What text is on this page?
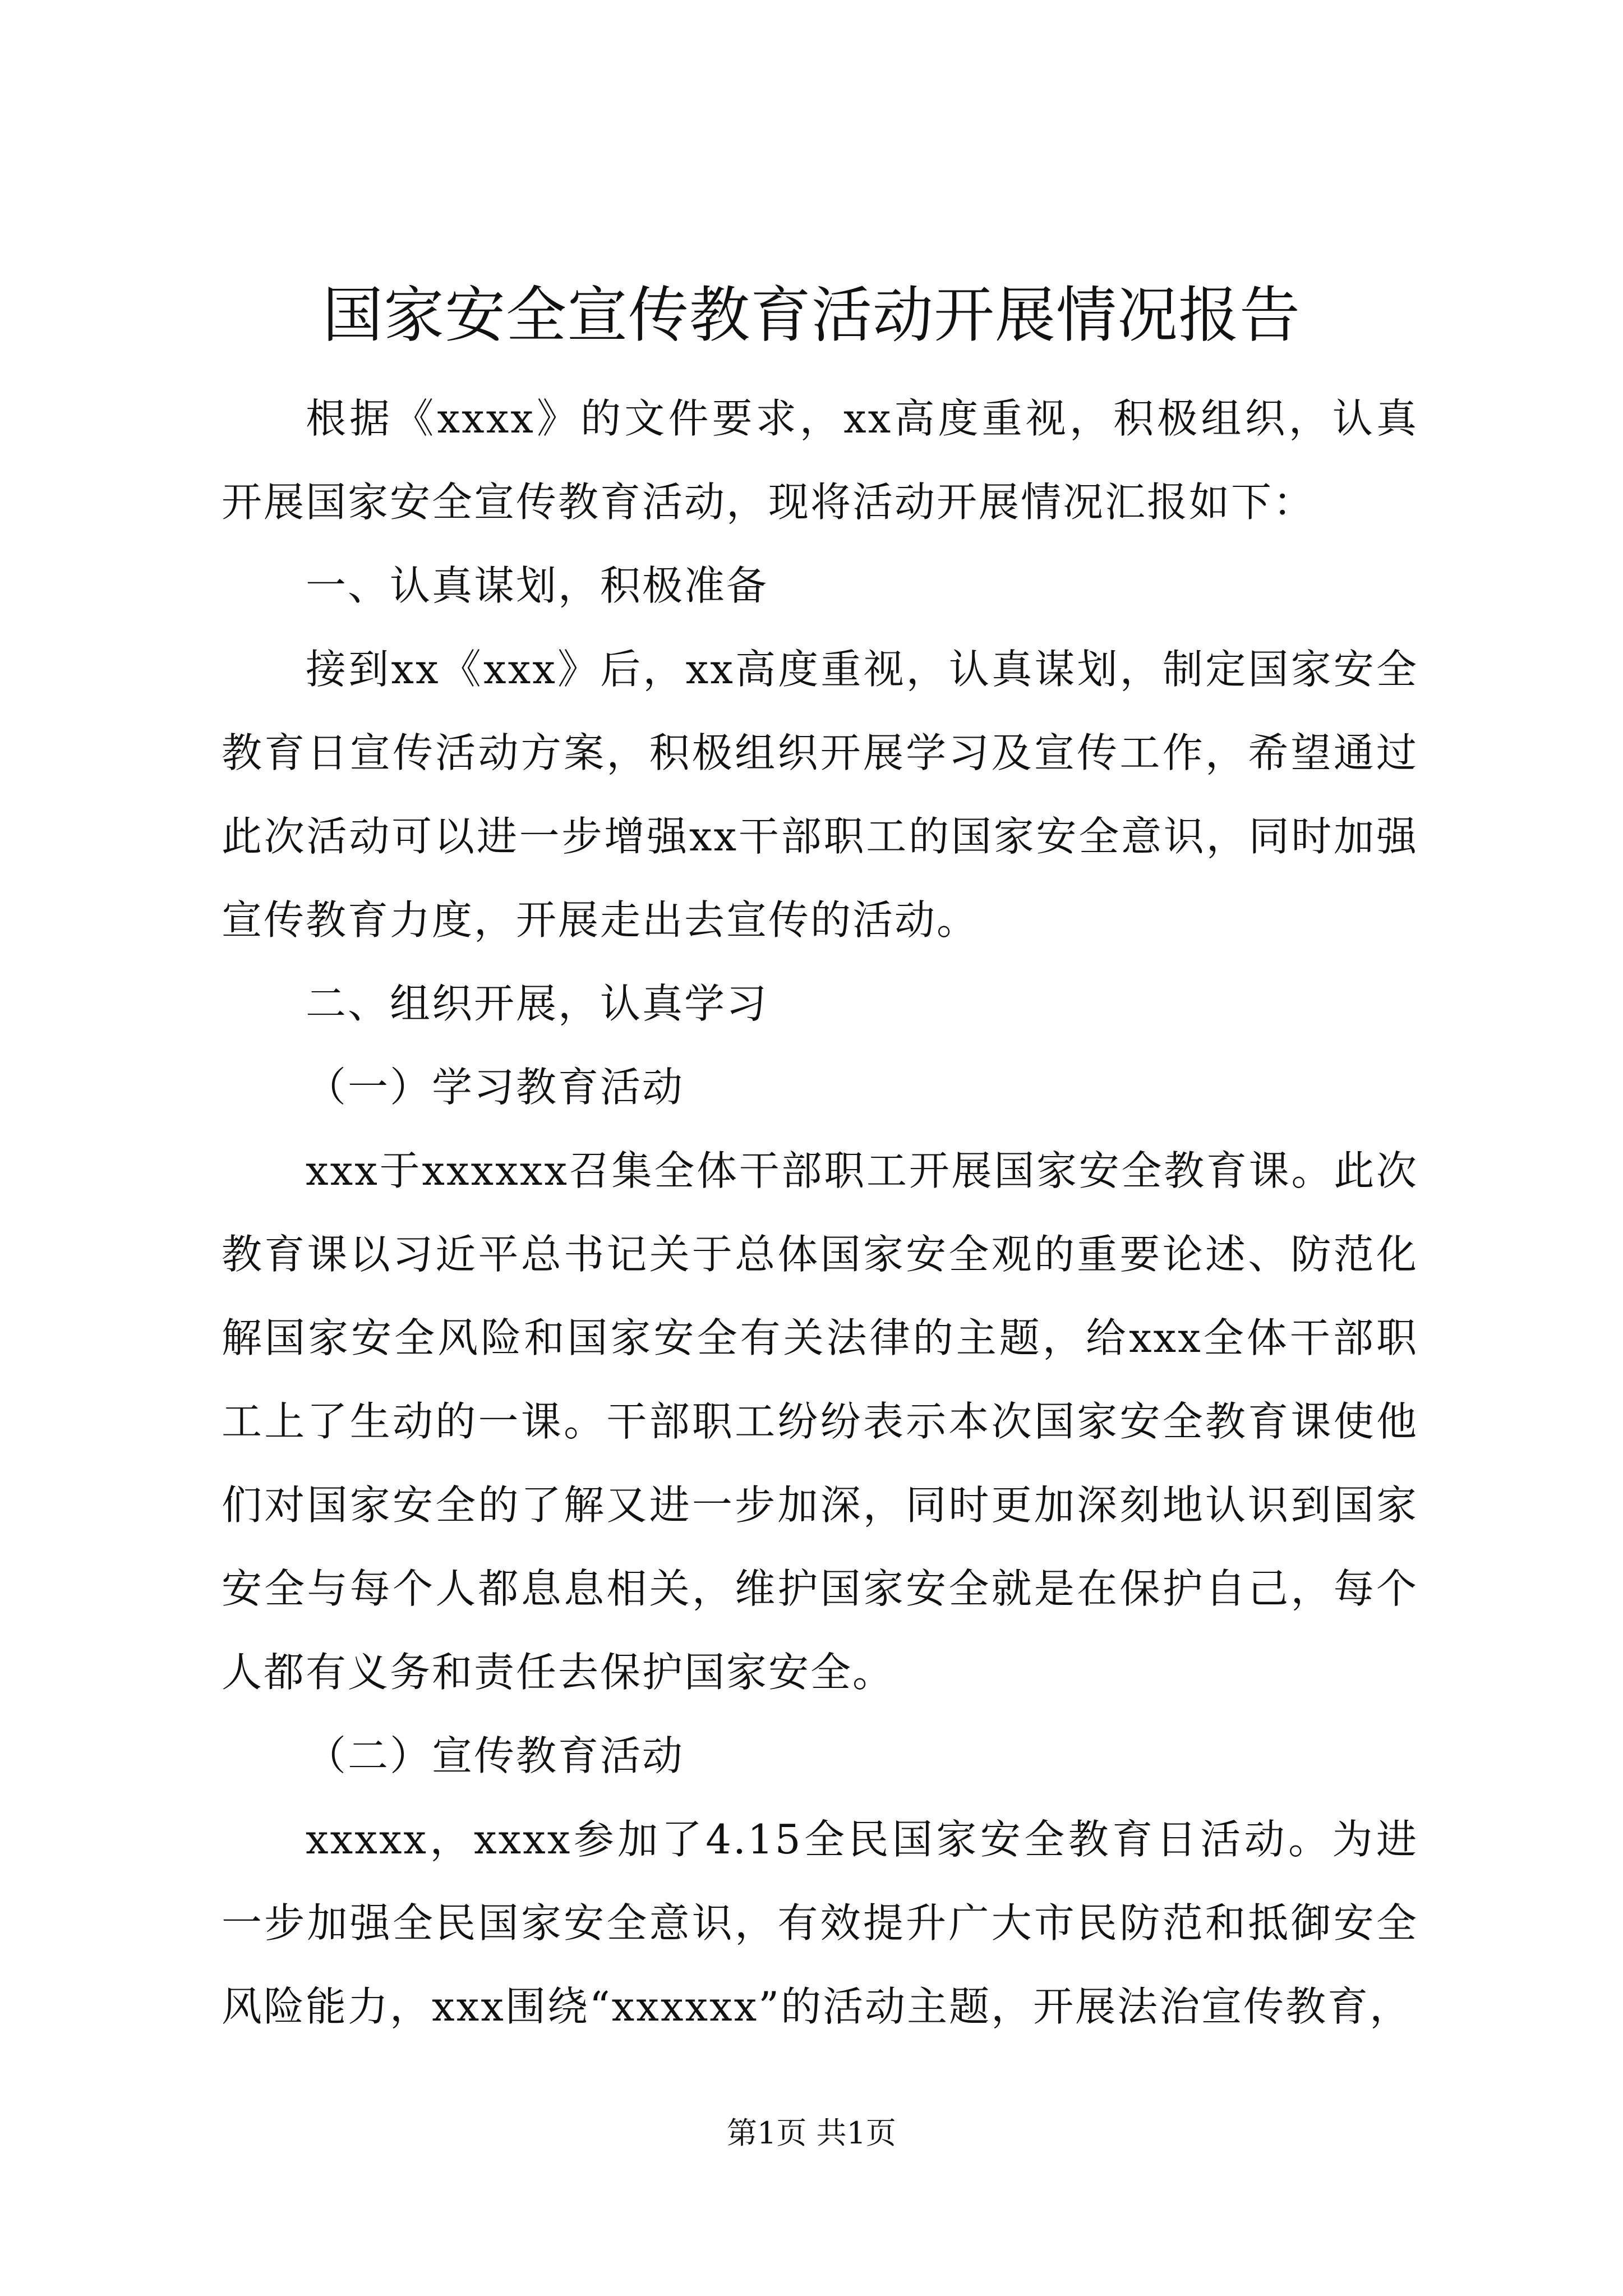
国家安全宣传教育活动开展情况报告

根据《xxxx》的文件要求，xx高度重视，积极组织，认真开展国家安全宣传教育活动，现将活动开展情况汇报如下：

一、认真谋划，积极准备

接到xx《xxx》后，xx高度重视，认真谋划，制定国家安全教育日宣传活动方案，积极组织开展学习及宣传工作，希望通过此次活动可以进一步增强xx干部职工的国家安全意识，同时加强宣传教育力度，开展走出去宣传的活动。

二、组织开展，认真学习

（一）学习教育活动

xxx于xxxxxx召集全体干部职工开展国家安全教育课。此次教育课以习近平总书记关于总体国家安全观的重要论述、防范化解国家安全风险和国家安全有关法律的主题，给xxx全体干部职工上了生动的一课。干部职工纷纷表示本次国家安全教育课使他们对国家安全的了解又进一步加深，同时更加深刻地认识到国家安全与每个人都息息相关，维护国家安全就是在保护自己，每个人都有义务和责任去保护国家安全。

（二）宣传教育活动

xxxxx，xxxx参加了4.15全民国家安全教育日活动。为进一步加强全民国家安全意识，有效提升广大市民防范和抵御安全风险能力，xxx围绕“xxxxxx”的活动主题，开展法治宣传教育，

第1页 共1页
